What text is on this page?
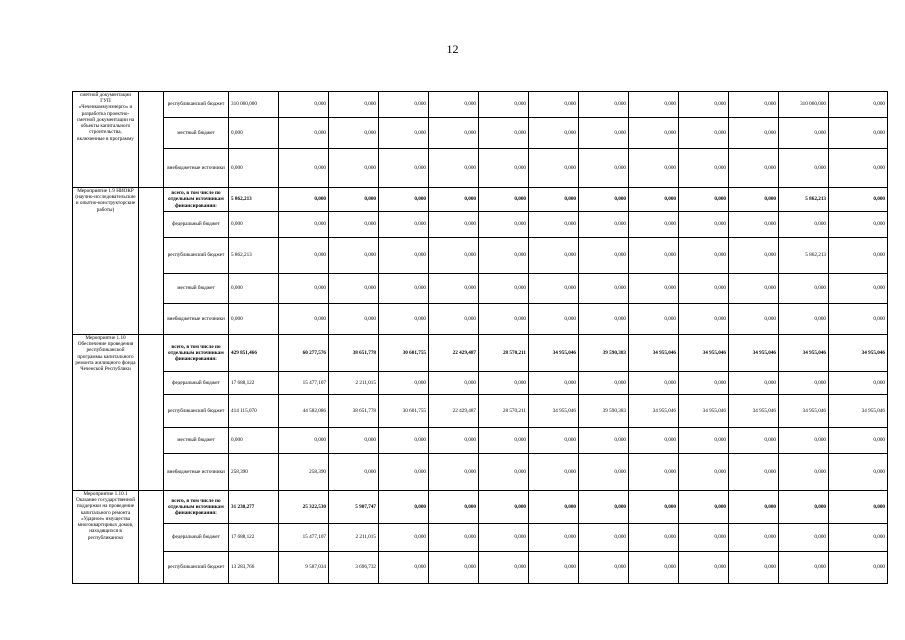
12
сметной документации ГУП «Чеченкоммунэнерго» и разработка проектно-сметной документации на объекты капитального строительства, включенные в программу		республиканский бюджет	310 060,000	0,000	0,000	0,000	0,000	0,000	0,000	0,000	0,000	0,000	0,000	310 060,000	0,000
		местный бюджет	0,000	0,000	0,000	0,000	0,000	0,000	0,000	0,000	0,000	0,000	0,000	0,000	0,000
		внебюджетные источники	0,000	0,000	0,000	0,000	0,000	0,000	0,000	0,000	0,000	0,000	0,000	0,000	0,000
Мероприятие 1.9 НИОКР (научно-исследовательские и опытно-конструкторские работы)		всего, в том числе по отдельным источникам финансирования:	5 862,213	0,000	0,000	0,000	0,000	0,000	0,000	0,000	0,000	0,000	0,000	5 862,213	0,000
		федеральный бюджет	0,000	0,000	0,000	0,000	0,000	0,000	0,000	0,000	0,000	0,000	0,000	0,000	0,000
		республиканский бюджет	5 862,213	0,000	0,000	0,000	0,000	0,000	0,000	0,000	0,000	0,000	0,000	5 862,213	0,000
		местный бюджет	0,000	0,000	0,000	0,000	0,000	0,000	0,000	0,000	0,000	0,000	0,000	0,000	0,000
		внебюджетные источники	0,000	0,000	0,000	0,000	0,000	0,000	0,000	0,000	0,000	0,000	0,000	0,000	0,000
Мероприятие 1.10 Обеспечение проведения республиканской программы капитального ремонта жилищного фонда Чеченской Республики		всего, в том числе по отдельным источникам финансирования:	429 851,466	60 277,576	38 651,778	30 601,755	22 429,487	28 570,211	34 955,046	39 590,383	34 955,046	34 955,046	34 955,046	34 955,046	34 955,046
		федеральный бюджет	17 688,122	15 477,107	2 211,015	0,000	0,000	0,000	0,000	0,000	0,000	0,000	0,000	0,000	0,000
		республиканский бюджет	414 115,070	44 582,086	38 651,778	30 601,755	22 429,487	28 570,211	34 955,046	39 590,383	34 955,046	34 955,046	34 955,046	34 955,046	34 955,046
		местный бюджет	0,000	0,000	0,000	0,000	0,000	0,000	0,000	0,000	0,000	0,000	0,000	0,000	0,000
		внебюджетные источники	258,390	258,390	0,000	0,000	0,000	0,000	0,000	0,000	0,000	0,000	0,000	0,000	0,000
Мероприятие 1.10.1 Оказание государственной поддержки на проведение капитального ремонта «Ударное» имущества многоквартирных домов, находящихся в республиканско		всего, в том числе по отдельным источникам финансирования:	31 230,277	25 322,530	5 907,747	0,000	0,000	0,000	0,000	0,000	0,000	0,000	0,000	0,000	0,000
		федеральный бюджет	17 688,122	15 477,107	2 211,015	0,000	0,000	0,000	0,000	0,000	0,000	0,000	0,000	0,000	0,000
		республиканский бюджет	13 283,766	9 587,034	3 696,732	0,000	0,000	0,000	0,000	0,000	0,000	0,000	0,000	0,000	0,000
